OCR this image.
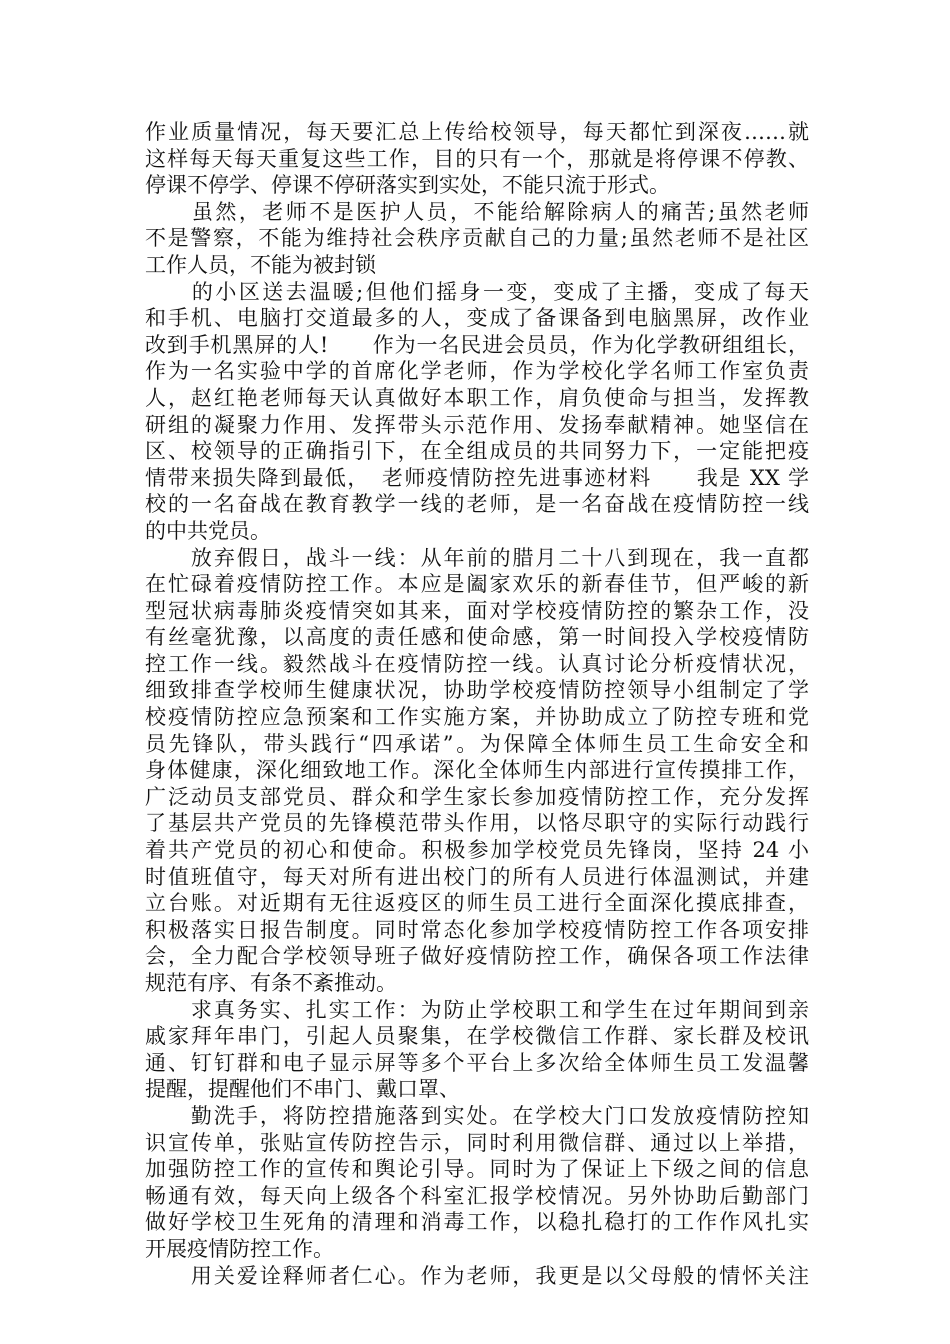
作业质量情况，每天要汇总上传给校领导，每天都忙到深夜……就
这样每天每天重复这些工作，目的只有一个，那就是将停课不停教、
停课不停学、停课不停研落实到实处，不能只流于形式。
　　虽然，老师不是医护人员，不能给解除病人的痛苦;虽然老师
不是警察，不能为维持社会秩序贡献自己的力量;虽然老师不是社区
工作人员，不能为被封锁
　　的小区送去温暖;但他们摇身一变，变成了主播，变成了每天
和手机、电脑打交道最多的人，变成了备课备到电脑黑屏，改作业
改到手机黑屏的人!　　作为一名民进会员员，作为化学教研组组长，
作为一名实验中学的首席化学老师，作为学校化学名师工作室负责
人，赵红艳老师每天认真做好本职工作，肩负使命与担当，发挥教
研组的凝聚力作用、发挥带头示范作用、发扬奉献精神。她坚信在
区、校领导的正确指引下，在全组成员的共同努力下，一定能把疫
情带来损失降到最低，　老师疫情防控先进事迹材料　　我是 XX 学
校的一名奋战在教育教学一线的老师，是一名奋战在疫情防控一线
的中共党员。
　　放弃假日，战斗一线：从年前的腊月二十八到现在，我一直都
在忙碌着疫情防控工作。本应是阖家欢乐的新春佳节，但严峻的新
型冠状病毒肺炎疫情突如其来，面对学校疫情防控的繁杂工作，没
有丝毫犹豫，以高度的责任感和使命感，第一时间投入学校疫情防
控工作一线。毅然战斗在疫情防控一线。认真讨论分析疫情状况，
细致排查学校师生健康状况，协助学校疫情防控领导小组制定了学
校疫情防控应急预案和工作实施方案，并协助成立了防控专班和党
员先锋队，带头践行“四承诺”。为保障全体师生员工生命安全和
身体健康，深化细致地工作。深化全体师生内部进行宣传摸排工作，
广泛动员支部党员、群众和学生家长参加疫情防控工作，充分发挥
了基层共产党员的先锋模范带头作用，以恪尽职守的实际行动践行
着共产党员的初心和使命。积极参加学校党员先锋岗，坚持 24 小
时值班值守，每天对所有进出校门的所有人员进行体温测试，并建
立台账。对近期有无往返疫区的师生员工进行全面深化摸底排查，
积极落实日报告制度。同时常态化参加学校疫情防控工作各项安排
会，全力配合学校领导班子做好疫情防控工作，确保各项工作法律
规范有序、有条不紊推动。
　　求真务实、扎实工作：为防止学校职工和学生在过年期间到亲
戚家拜年串门，引起人员聚集，在学校微信工作群、家长群及校讯
通、钉钉群和电子显示屏等多个平台上多次给全体师生员工发温馨
提醒，提醒他们不串门、戴口罩、
　　勤洗手，将防控措施落到实处。在学校大门口发放疫情防控知
识宣传单，张贴宣传防控告示，同时利用微信群、通过以上举措，
加强防控工作的宣传和舆论引导。同时为了保证上下级之间的信息
畅通有效，每天向上级各个科室汇报学校情况。另外协助后勤部门
做好学校卫生死角的清理和消毒工作，以稳扎稳打的工作作风扎实
开展疫情防控工作。
　　用关爱诠释师者仁心。作为老师，我更是以父母般的情怀关注
